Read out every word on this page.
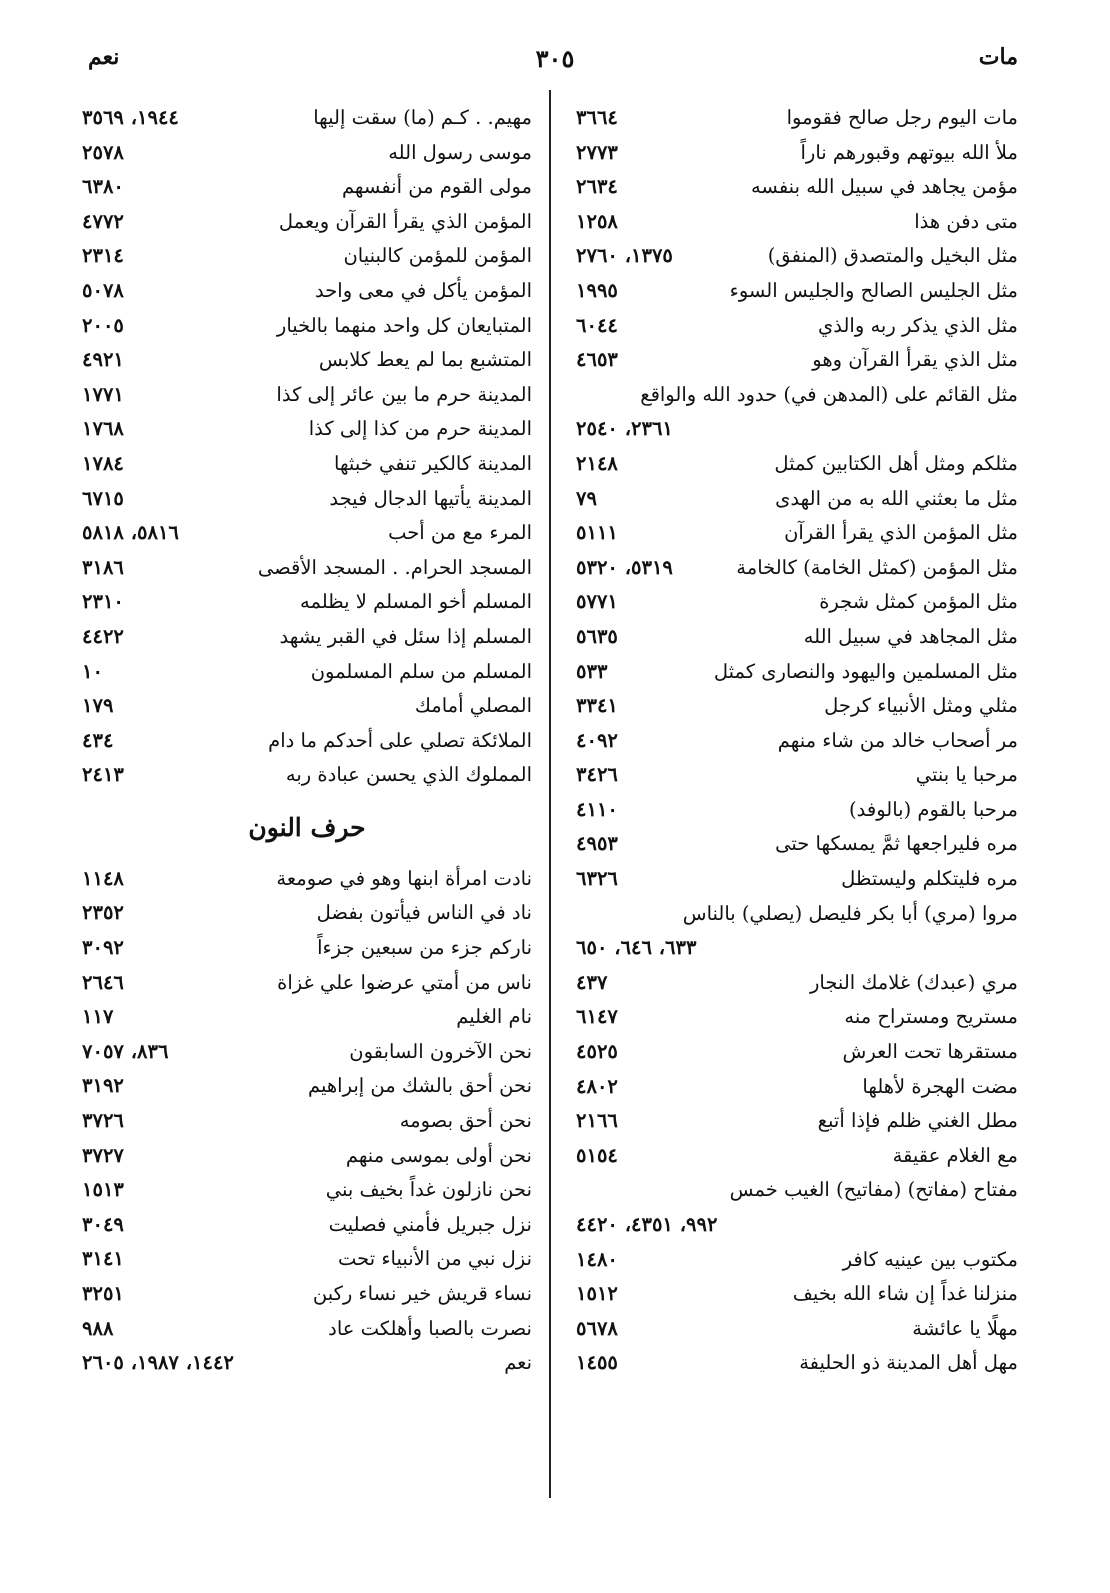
مات
٣٠٥
نعم
مات اليوم رجل صالح فقوموا
٣٦٦٤
ملأ الله بيوتهم وقبورهم ناراً
٢٧٧٣
مؤمن يجاهد في سبيل الله بنفسه
٢٦٣٤
متى دفن هذا
١٢٥٨
مثل البخيل والمتصدق (المنفق)
١٣٧٥، ٢٧٦٠
مثل الجليس الصالح والجليس السوء
١٩٩٥
مثل الذي يذكر ربه والذي
٦٠٤٤
مثل الذي يقرأ القرآن وهو
٤٦٥٣
مثل القائم على (المدهن في) حدود الله والواقع
٢٣٦١، ٢٥٤٠
مثلكم ومثل أهل الكتابين كمثل
٢١٤٨
مثل ما بعثني الله به من الهدى
٧٩
مثل المؤمن الذي يقرأ القرآن
٥١١١
مثل المؤمن (كمثل الخامة) كالخامة
٥٣١٩، ٥٣٢٠
مثل المؤمن كمثل شجرة
٥٧٧١
مثل المجاهد في سبيل الله
٥٦٣٥
مثل المسلمين واليهود والنصارى كمثل
٥٣٣
مثلي ومثل الأنبياء كرجل
٣٣٤١
مر أصحاب خالد من شاء منهم
٤٠٩٢
مرحبا يا بنتي
٣٤٢٦
مرحبا بالقوم (بالوفد)
٤١١٠
مره فليراجعها ثمَّ يمسكها حتى
٤٩٥٣
مره فليتكلم وليستظل
٦٣٢٦
مروا (مري) أبا بكر فليصل (يصلي) بالناس
٦٣٣، ٦٤٦، ٦٥٠
مري (عبدك) غلامك النجار
٤٣٧
مستريح ومستراح منه
٦١٤٧
مستقرها تحت العرش
٤٥٢٥
مضت الهجرة لأهلها
٤٨٠٢
مطل الغني ظلم فإذا أتبع
٢١٦٦
مع الغلام عقيقة
٥١٥٤
مفتاح (مفاتح) (مفاتيح) الغيب خمس
٩٩٢، ٤٣٥١، ٤٤٢٠
مكتوب بين عينيه كافر
١٤٨٠
منزلنا غداً إن شاء الله بخيف
١٥١٢
مهلًا يا عائشة
٥٦٧٨
مهل أهل المدينة ذو الحليفة
١٤٥٥
مهيم. . كـم (ما) سقت إليها
١٩٤٤، ٣٥٦٩
موسى رسول الله
٢٥٧٨
مولى القوم من أنفسهم
٦٣٨٠
المؤمن الذي يقرأ القرآن ويعمل
٤٧٧٢
المؤمن للمؤمن كالبنيان
٢٣١٤
المؤمن يأكل في معى واحد
٥٠٧٨
المتبايعان كل واحد منهما بالخيار
٢٠٠٥
المتشبع بما لم يعط كلابس
٤٩٢١
المدينة حرم ما بين عائر إلى كذا
١٧٧١
المدينة حرم من كذا إلى كذا
١٧٦٨
المدينة كالكير تنفي خبثها
١٧٨٤
المدينة يأتيها الدجال فيجد
٦٧١٥
المرء مع من أحب
٥٨١٦، ٥٨١٨
المسجد الحرام. . المسجد الأقصى
٣١٨٦
المسلم أخو المسلم لا يظلمه
٢٣١٠
المسلم إذا سئل في القبر يشهد
٤٤٢٢
المسلم من سلم المسلمون
١٠
المصلي أمامك
١٧٩
الملائكة تصلي على أحدكم ما دام
٤٣٤
المملوك الذي يحسن عبادة ربه
٢٤١٣
حرف النون
نادت امرأة ابنها وهو في صومعة
١١٤٨
ناد في الناس فيأتون بفضل
٢٣٥٢
ناركم جزء من سبعين جزءاً
٣٠٩٢
ناس من أمتي عرضوا علي غزاة
٢٦٤٦
نام الغليم
١١٧
نحن الآخرون السابقون
٨٣٦، ٧٠٥٧
نحن أحق بالشك من إبراهيم
٣١٩٢
نحن أحق بصومه
٣٧٢٦
نحن أولى بموسى منهم
٣٧٢٧
نحن نازلون غداً بخيف بني
١٥١٣
نزل جبريل فأمني فصليت
٣٠٤٩
نزل نبي من الأنبياء تحت
٣١٤١
نساء قريش خير نساء ركبن
٣٢٥١
نصرت بالصبا وأهلكت عاد
٩٨٨
نعم
١٤٤٢، ١٩٨٧، ٢٦٠٥
